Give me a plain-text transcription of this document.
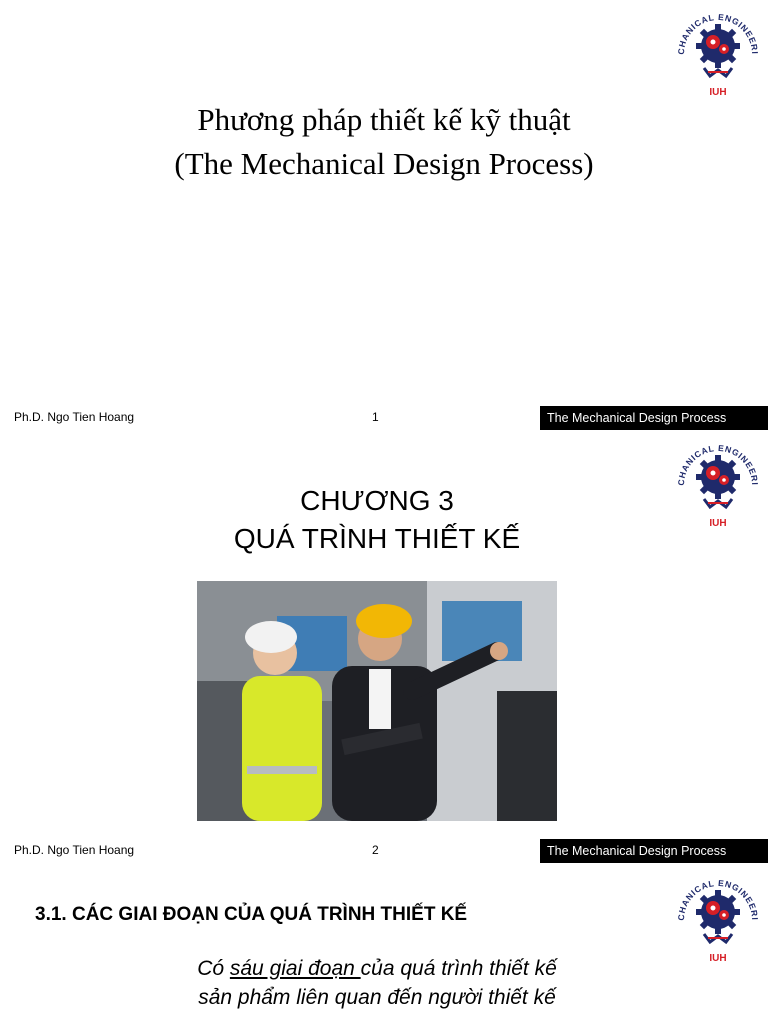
IUH
Phương pháp thiết kế kỹ thuật
(The Mechanical Design Process)
Ph.D. Ngo Tien Hoang	1	The Mechanical Design Process
IUH
CHƯƠNG 3
QUÁ TRÌNH THIẾT KẾ
Ph.D. Ngo Tien Hoang	2	The Mechanical Design Process
IUH
3.1. CÁC GIAI ĐOẠN CỦA QUÁ TRÌNH THIẾT KẾ
Có sáu giai đoạn của quá trình thiết kế
sản phẩm liên quan đến người thiết kế
